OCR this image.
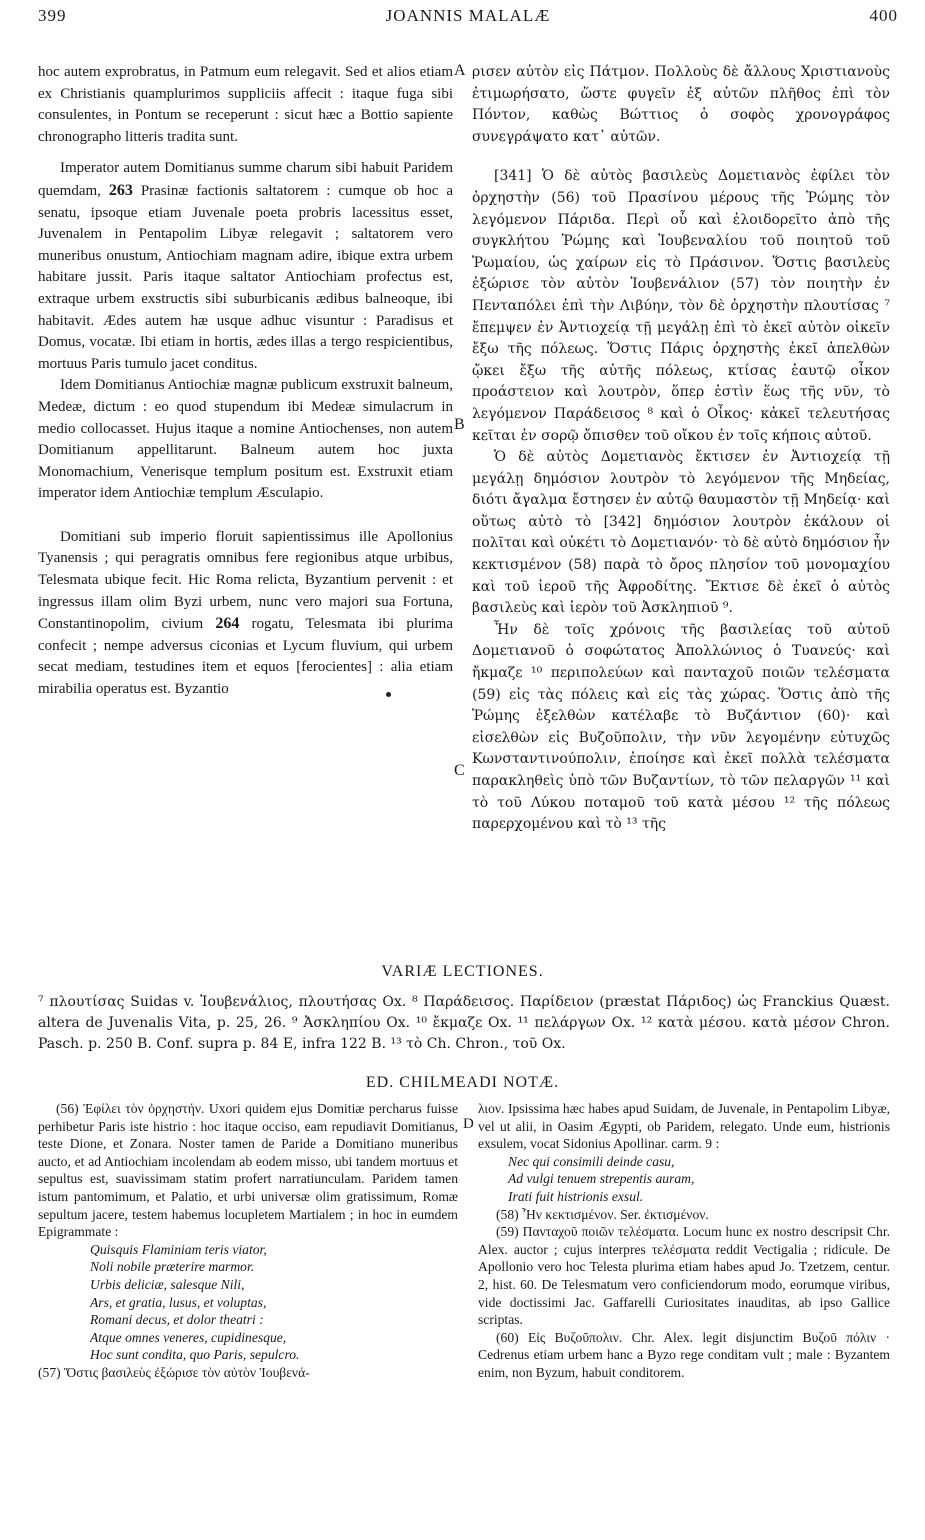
399	JOANNIS MALALÆ	400

hoc autem exprobratus, in Patmum eum relegavit. Sed et alios etiam ex Christianis quamplurimos suppliciis affecit : itaque fuga sibi consulentes, in Pontum se receperunt : sicut hæc a Bottio sapiente chronographo litteris tradita sunt.

Imperator autem Domitianus summe charum sibi habuit Paridem quemdam, 263 Prasinæ factionis saltatorem : cumque ob hoc a senatu, ipsoque etiam Juvenale poeta probris lacessitus esset, Juvenalem in Pentapolim Libyæ relegavit ; saltatorem vero muneribus onustum, Antiochiam magnam adire, ibique extra urbem habitare jussit. Paris itaque saltator Antiochiam profectus est, extraque urbem exstructis sibi suburbicanis ædibus balneoque, ibi habitavit. Ædes autem hæ usque adhuc visuntur : Paradisus et Domus, vocatæ. Ibi etiam in hortis, ædes illas a tergo respicientibus, mortuus Paris tumulo jacet conditus.

Idem Domitianus Antiochiæ magnæ publicum exstruxit balneum, Medeæ, dictum : eo quod stupendum ibi Medeæ simulacrum in medio collocasset. Hujus itaque a nomine Antiochenses, non autem Domitianum appellitarunt. Balneum autem hoc juxta Monomachium, Venerisque templum positum est. Exstruxit etiam imperator idem Antiochiæ templum Æsculapio.

Domitiani sub imperio floruit sapientissimus ille Apollonius Tyanensis ; qui peragratis omnibus fere regionibus atque urbibus, Telesmata ubique fecit. Hic Roma relicta, Byzantium pervenit : et ingressus illam olim Byzi urbem, nunc vero majori sua Fortuna, Constantinopolim, civium 264 rogatu, Telesmata ibi plurima confecit ; nempe adversus ciconias et Lycum fluvium, qui urbem secat mediam, testudines item et equos [ferocientes] : alia etiam mirabilia operatus est. Byzantio

A
B
C

ρισεν αὐτὸν εἰς Πάτμον. Πολλοὺς δὲ ἄλλους Χριστιανοὺς ἐτιμωρήσατο, ὥστε φυγεῖν ἐξ αὐτῶν πλῆθος ἐπὶ τὸν Πόντον, καθὼς Βώττιος ὁ σοφὸς χρονογράφος συνεγράψατο κατ᾽ αὐτῶν.

[341] Ὁ δὲ αὐτὸς βασιλεὺς Δομετιανὸς ἐφίλει τὸν ὀρχηστὴν (56) τοῦ Πρασίνου μέρους τῆς Ῥώμης τὸν λεγόμενον Πάριδα. Περὶ οὗ καὶ ἐλοιδορεῖτο ἀπὸ τῆς συγκλήτου Ῥώμης καὶ Ἰουβεναλίου τοῦ ποιητοῦ τοῦ Ῥωμαίου, ὡς χαίρων εἰς τὸ Πράσινον. Ὅστις βασιλεὺς ἐξώρισε τὸν αὐτὸν Ἰουβενάλιον (57) τὸν ποιητὴν ἐν Πενταπόλει ἐπὶ τὴν Λιβύην, τὸν δὲ ὀρχηστὴν πλουτίσας ⁷ ἔπεμψεν ἐν Ἀντιοχείᾳ τῇ μεγάλῃ ἐπὶ τὸ ἐκεῖ αὐτὸν οἰκεῖν ἔξω τῆς πόλεως. Ὅστις Πάρις ὀρχηστὴς ἐκεῖ ἀπελθὼν ᾤκει ἔξω τῆς αὐτῆς πόλεως, κτίσας ἑαυτῷ οἶκον προάστειον καὶ λουτρὸν, ὅπερ ἐστὶν ἕως τῆς νῦν, τὸ λεγόμενον Παράδεισος ⁸ καὶ ὁ Οἶκος· κἀκεῖ τελευτήσας κεῖται ἐν σορῷ ὄπισθεν τοῦ οἴκου ἐν τοῖς κήποις αὐτοῦ.

Ὁ δὲ αὐτὸς Δομετιανὸς ἔκτισεν ἐν Ἀντιοχείᾳ τῇ μεγάλῃ δημόσιον λουτρὸν τὸ λεγόμενον τῆς Μηδείας, διότι ἄγαλμα ἔστησεν ἐν αὐτῷ θαυμαστὸν τῇ Μηδείᾳ· καὶ οὕτως αὐτὸ τὸ [342] δημόσιον λουτρὸν ἐκάλουν οἱ πολῖται καὶ οὐκέτι τὸ Δομετιανόν· τὸ δὲ αὐτὸ δημόσιον ἦν κεκτισμένον (58) παρὰ τὸ ὄρος πλησίον τοῦ μονομαχίου καὶ τοῦ ἱεροῦ τῆς Ἀφροδίτης. Ἔκτισε δὲ ἐκεῖ ὁ αὐτὸς βασιλεὺς καὶ ἱερὸν τοῦ Ἀσκληπιοῦ ⁹.

Ἦν δὲ τοῖς χρόνοις τῆς βασιλείας τοῦ αὐτοῦ Δομετιανοῦ ὁ σοφώτατος Ἀπολλώνιος ὁ Τυανεύς· καὶ ἤκμαζε ¹⁰ περιπολεύων καὶ πανταχοῦ ποιῶν τελέσματα (59) εἰς τὰς πόλεις καὶ εἰς τὰς χώρας. Ὅστις ἀπὸ τῆς Ῥώμης ἐξελθὼν κατέλαβε τὸ Βυζάντιον (60)· καὶ εἰσελθὼν εἰς Βυζοῦπολιν, τὴν νῦν λεγομένην εὐτυχῶς Κωνσταντινούπολιν, ἐποίησε καὶ ἐκεῖ πολλὰ τελέσματα παρακληθεὶς ὑπὸ τῶν Βυζαντίων, τὸ τῶν πελαργῶν ¹¹ καὶ τὸ τοῦ Λύκου ποταμοῦ τοῦ κατὰ μέσου ¹² τῆς πόλεως παρερχομένου καὶ τὸ ¹³ τῆς

VARIÆ LECTIONES.
⁷ πλουτίσας Suidas v. Ἰουβενάλιος, πλουτήσας Ox. ⁸ Παράδεισος. Παρίδειον (præstat Πάριδος) ὡς Franckius Quæst. altera de Juvenalis Vita, p. 25, 26. ⁹ Ἀσκληπίου Ox. ¹⁰ ἔκμαζε Ox. ¹¹ πελάργων Ox. ¹² κατὰ μέσου. κατὰ μέσον Chron. Pasch. p. 250 B. Conf. supra p. 84 E, infra 122 B. ¹³ τὸ Ch. Chron., τοῦ Ox.
ED. CHILMEADI NOTÆ.

(56) Ἐφίλει τὸν ὀρχηστήν. Uxori quidem ejus Domitiæ percharus fuisse perhibetur Paris iste histrio : hoc itaque occiso, eam repudiavit Domitianus, teste Dione, et Zonara. Noster tamen de Paride a Domitiano muneribus aucto, et ad Antiochiam incolendam ab eodem misso, ubi tandem mortuus et sepultus est, suavissimam statim profert narratiunculam. Paridem tamen istum pantomimum, et Palatio, et urbi universæ olim gratissimum, Romæ sepultum jacere, testem habemus locupletem Martialem ; in hoc in eumdem Epigrammate :

Quisquis Flaminiam teris viator,
Noli nobile præterire marmor.
Urbis deliciæ, salesque Nili,
Ars, et gratia, lusus, et voluptas,
Romani decus, et dolor theatri :
Atque omnes veneres, cupidinesque,
Hoc sunt condita, quo Paris, sepulcro.

(57) Ὅστις βασιλεὺς ἐξώρισε τὸν αὐτὸν Ἰουβενά-

D

λιον. Ipsissima hæc habes apud Suidam, de Juvenale, in Pentapolim Libyæ, vel ut alii, in Oasim Ægypti, ob Paridem, relegato. Unde eum, histrionis exsulem, vocat Sidonius Apollinar. carm. 9 :

Nec qui consimili deinde casu,
Ad vulgi tenuem strepentis auram,
Irati fuit histrionis exsul.

(58) Ἦν κεκτισμένον. Ser. ἐκτισμένον.

(59) Πανταχοῦ ποιῶν τελέσματα. Locum hunc ex nostro descripsit Chr. Alex. auctor ; cujus interpres τελέσματα reddit Vectigalia ; ridicule. De Apollonio vero hoc Telesta plurima etiam habes apud Jo. Tzetzem, centur. 2, hist. 60. De Telesmatum vero conficiendorum modo, eorumque viribus, vide doctissimi Jac. Gaffarelli Curiositates inauditas, ab ipso Gallice scriptas.

(60) Εἰς Βυζοῦπολιν. Chr. Alex. legit disjunctim Βυζοῦ πόλιν · Cedrenus etiam urbem hanc a Byzo rege conditam vult ; male : Byzantem enim, non Byzum, habuit conditorem.
